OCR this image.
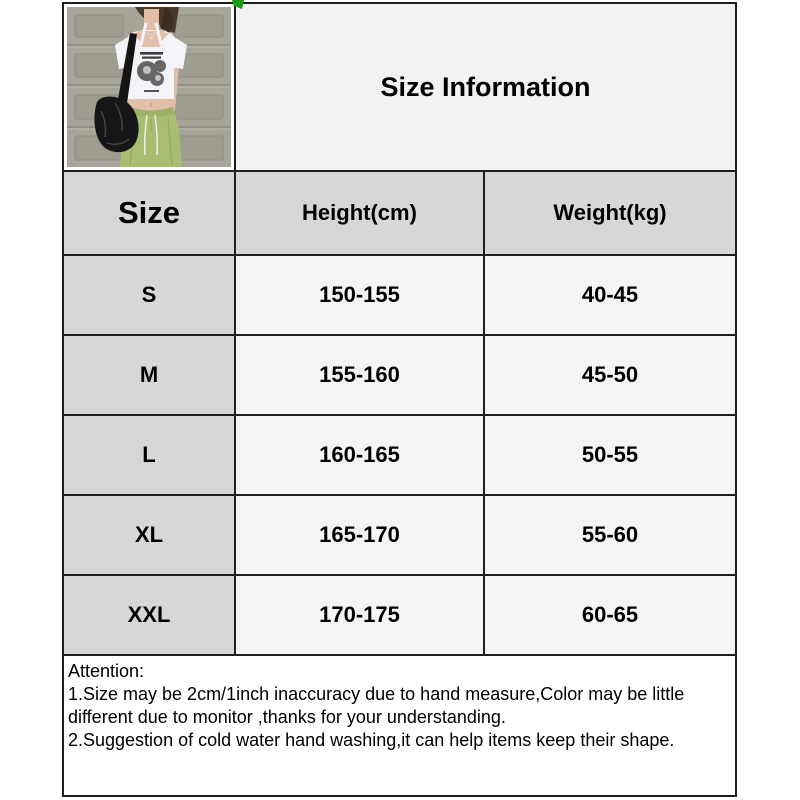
Size Information
Size	Height(cm)	Weight(kg)
S	150-155	40-45
M	155-160	45-50
L	160-165	50-55
XL	165-170	55-60
XXL	170-175	60-65
Attention:
1.Size may be 2cm/1inch inaccuracy due to hand measure,Color may be little
different due to monitor ,thanks for your understanding.
2.Suggestion of cold water hand washing,it can help items keep their shape.
